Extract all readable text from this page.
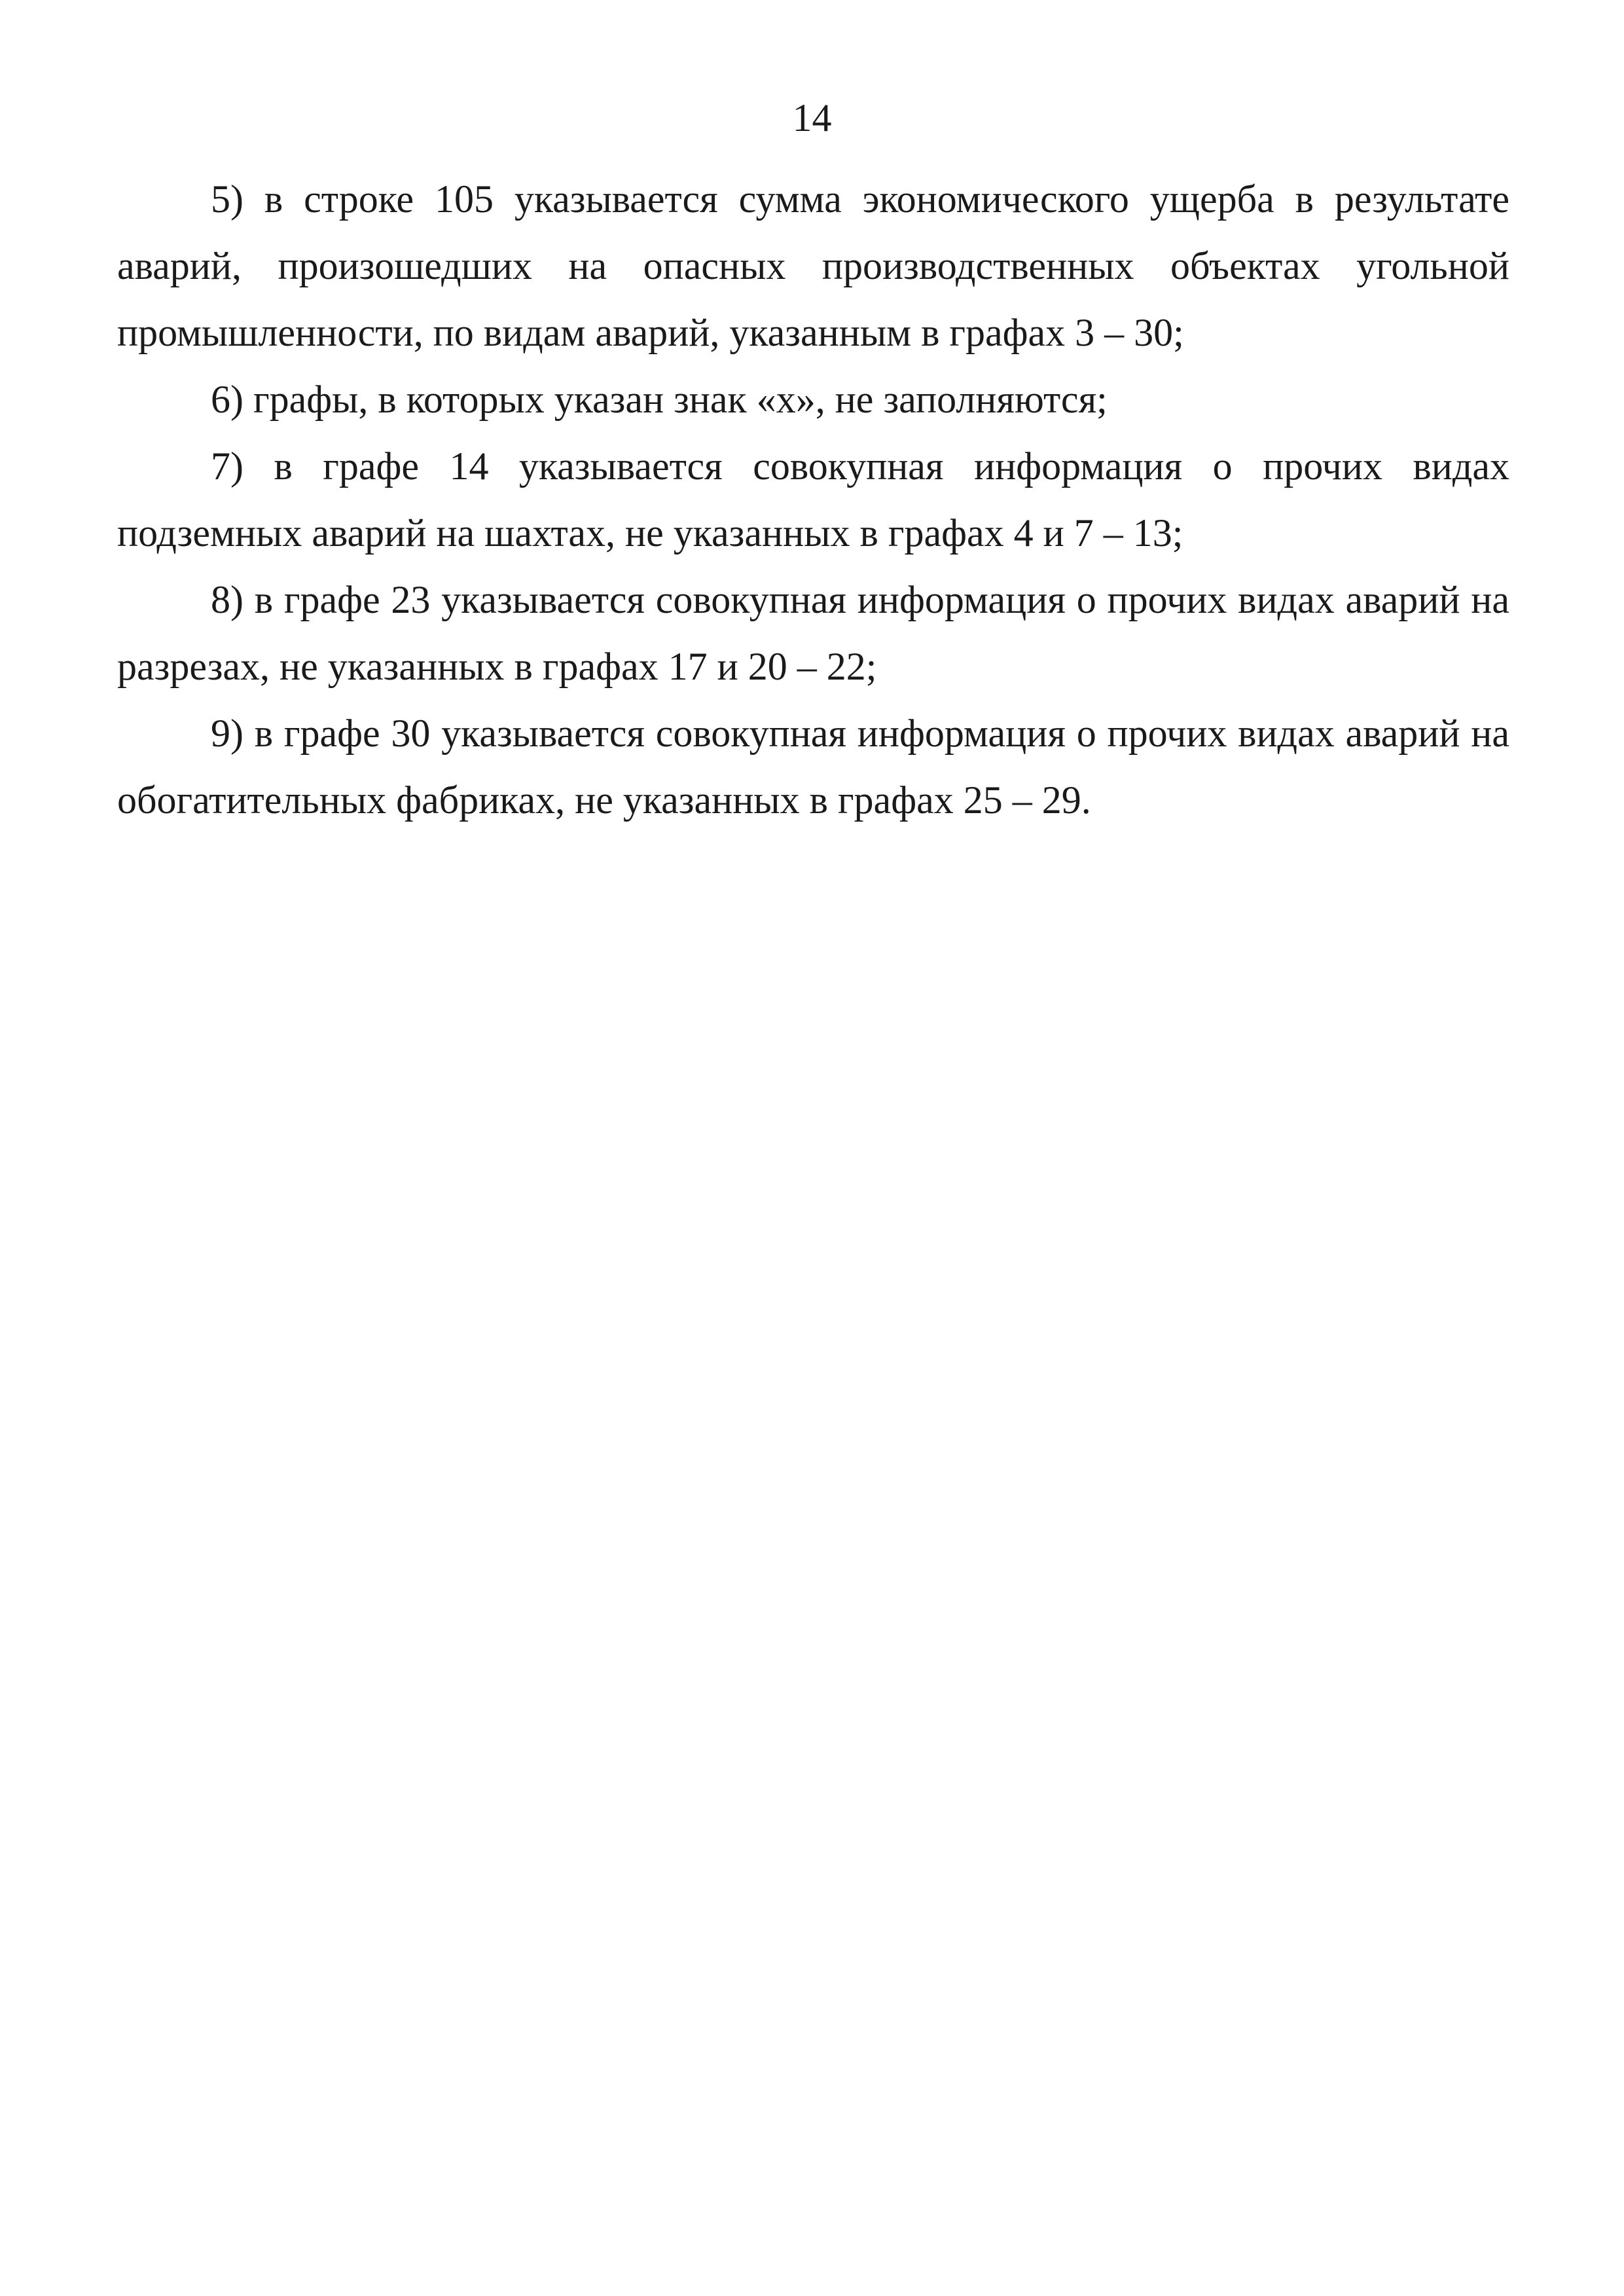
14

5) в строке 105 указывается сумма экономического ущерба в результате аварий, произошедших на опасных производственных объектах угольной промышленности, по видам аварий, указанным в графах 3 – 30;

6) графы, в которых указан знак «х», не заполняются;

7) в графе 14 указывается совокупная информация о прочих видах подземных аварий на шахтах, не указанных в графах 4 и 7 – 13;

8) в графе 23 указывается совокупная информация о прочих видах аварий на разрезах, не указанных в графах 17 и 20 – 22;

9) в графе 30 указывается совокупная информация о прочих видах аварий на обогатительных фабриках, не указанных в графах 25 – 29.
